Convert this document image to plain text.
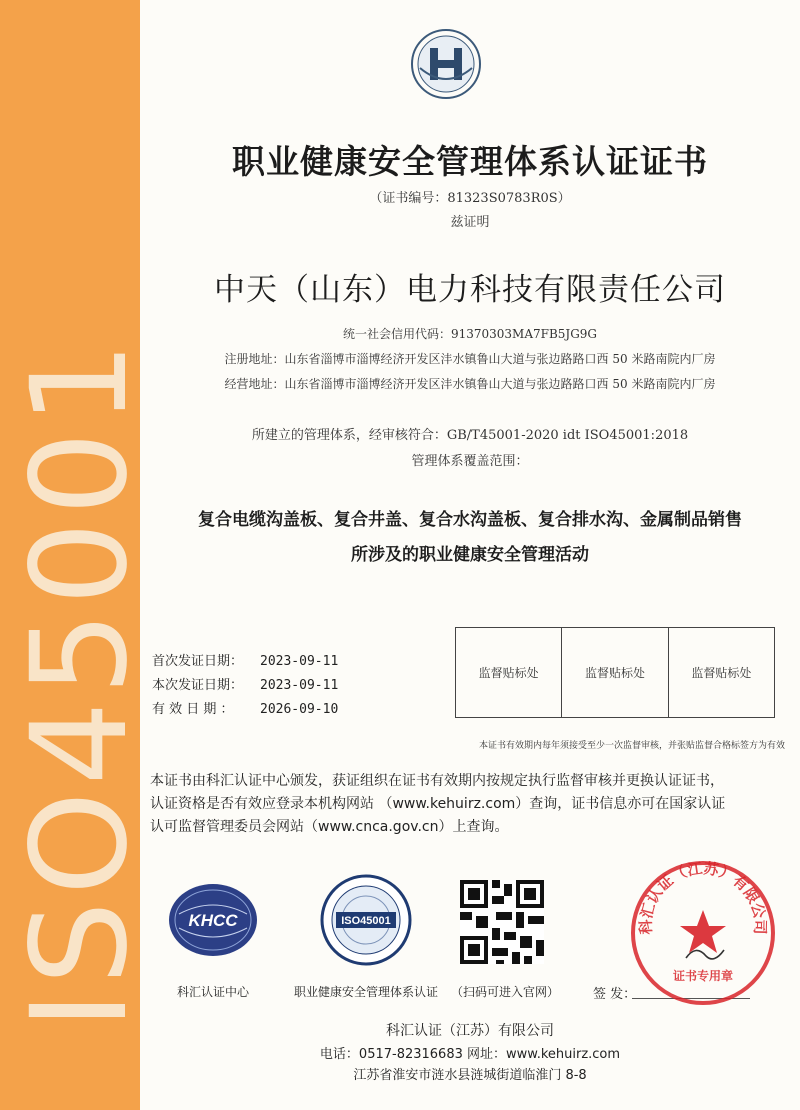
ISO45001
职业健康安全管理体系认证证书
（证书编号：81323S0783R0S）
兹证明
中天（山东）电力科技有限责任公司
统一社会信用代码：91370303MA7FB5JG9G
注册地址：山东省淄博市淄博经济开发区沣水镇鲁山大道与张边路路口西 50 米路南院内厂房
经营地址：山东省淄博市淄博经济开发区沣水镇鲁山大道与张边路路口西 50 米路南院内厂房
所建立的管理体系，经审核符合：GB/T45001-2020 idt ISO45001:2018
管理体系覆盖范围：
复合电缆沟盖板、复合井盖、复合水沟盖板、复合排水沟、金属制品销售
所涉及的职业健康安全管理活动
首次发证日期： 2023-09-11
本次发证日期： 2023-09-11
有 效 日 期 ： 2026-09-10
监督贴标处	监督贴标处	监督贴标处
本证书有效期内每年须接受至少一次监督审核，并张贴监督合格标签方为有效
本证书由科汇认证中心颁发，获证组织在证书有效期内按规定执行监督审核并更换认证证书，
认证资格是否有效应登录本机构网站 （www.kehuirz.com）查询，证书信息亦可在国家认证
认可监督管理委员会网站（www.cnca.gov.cn）上查询。
KHCC
科汇认证中心
ISO45001
职业健康安全管理体系认证	（扫码可进入官网）	签 发：
科汇认证（江苏）有限公司
证书专用章
科汇认证（江苏）有限公司
电话：0517-82316683 网址：www.kehuirz.com
江苏省淮安市涟水县涟城街道临淮门 8-8
